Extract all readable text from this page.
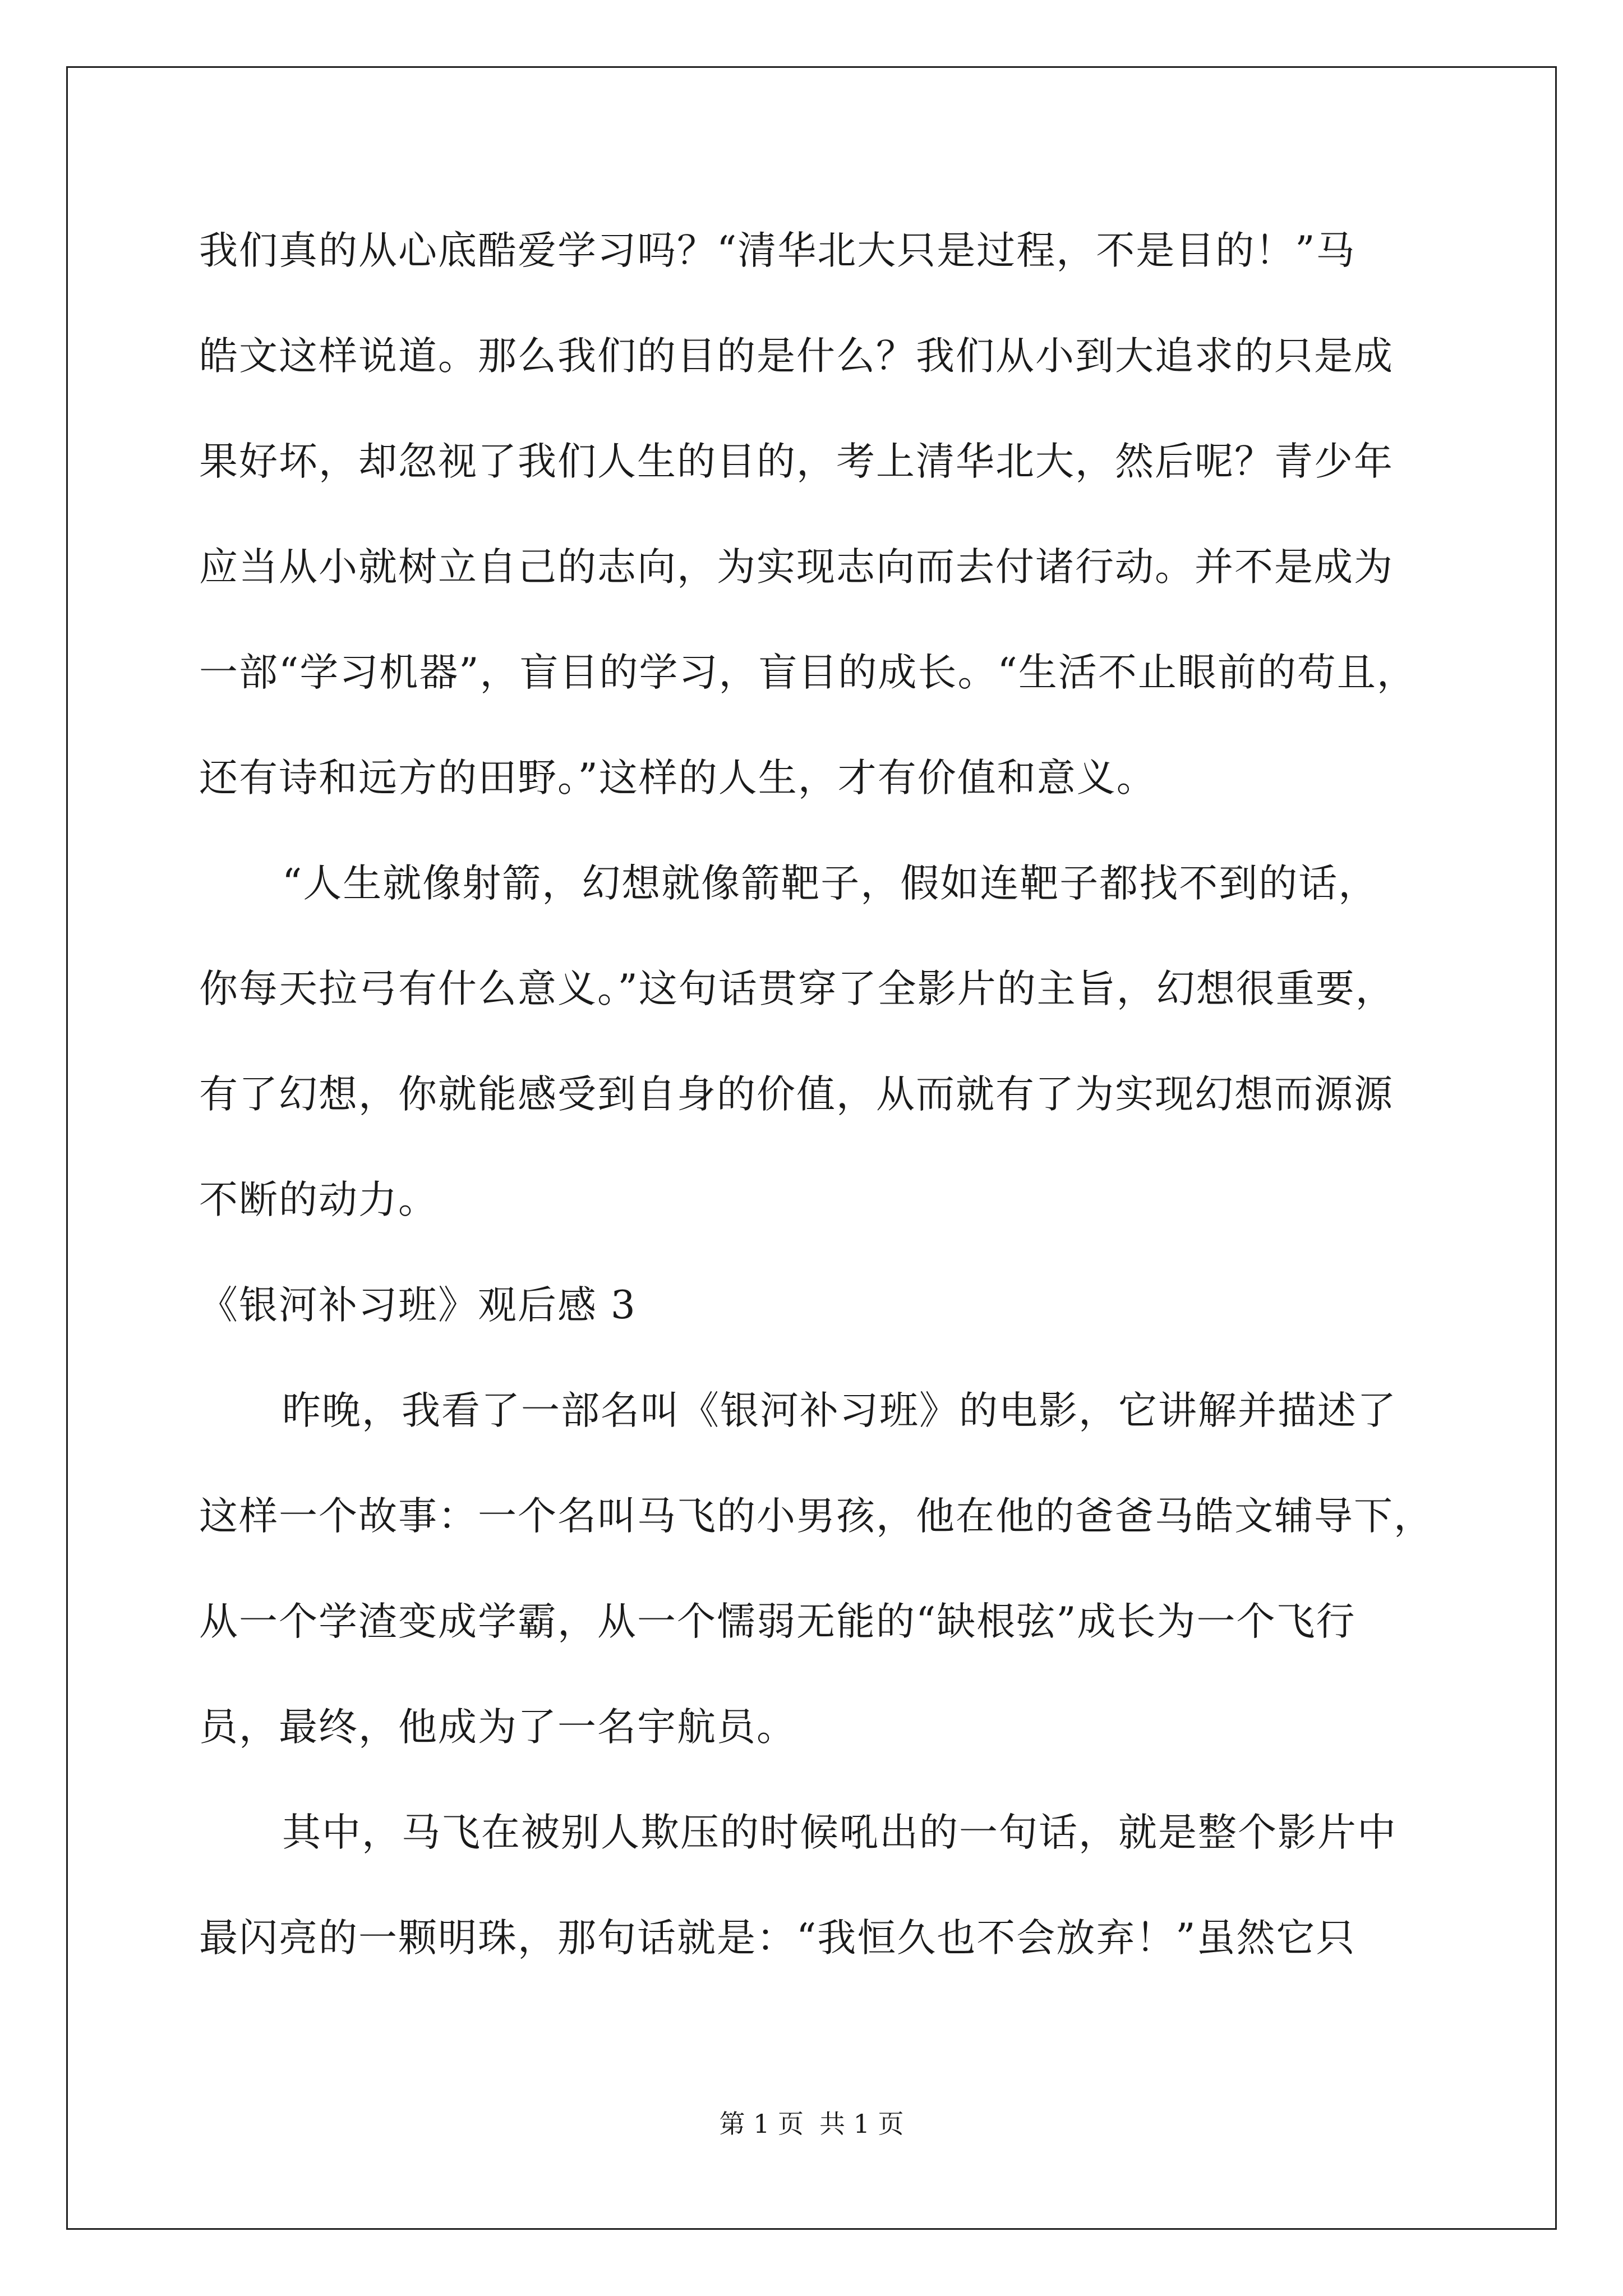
我们真的从心底酷爱学习吗？“清华北大只是过程，不是目的！”马
皓文这样说道。那么我们的目的是什么？我们从小到大追求的只是成
果好坏，却忽视了我们人生的目的，考上清华北大，然后呢？青少年
应当从小就树立自己的志向，为实现志向而去付诸行动。并不是成为
一部“学习机器”，盲目的学习，盲目的成长。“生活不止眼前的苟且，
还有诗和远方的田野。”这样的人生，才有价值和意义。
“人生就像射箭，幻想就像箭靶子，假如连靶子都找不到的话，
你每天拉弓有什么意义。”这句话贯穿了全影片的主旨，幻想很重要，
有了幻想，你就能感受到自身的价值，从而就有了为实现幻想而源源
不断的动力。
《银河补习班》观后感 3
昨晚，我看了一部名叫《银河补习班》的电影，它讲解并描述了
这样一个故事：一个名叫马飞的小男孩，他在他的爸爸马皓文辅导下，
从一个学渣变成学霸，从一个懦弱无能的“缺根弦”成长为一个飞行
员，最终，他成为了一名宇航员。
其中，马飞在被别人欺压的时候吼出的一句话，就是整个影片中
最闪亮的一颗明珠，那句话就是：“我恒久也不会放弃！”虽然它只
第 1 页 共 1 页
